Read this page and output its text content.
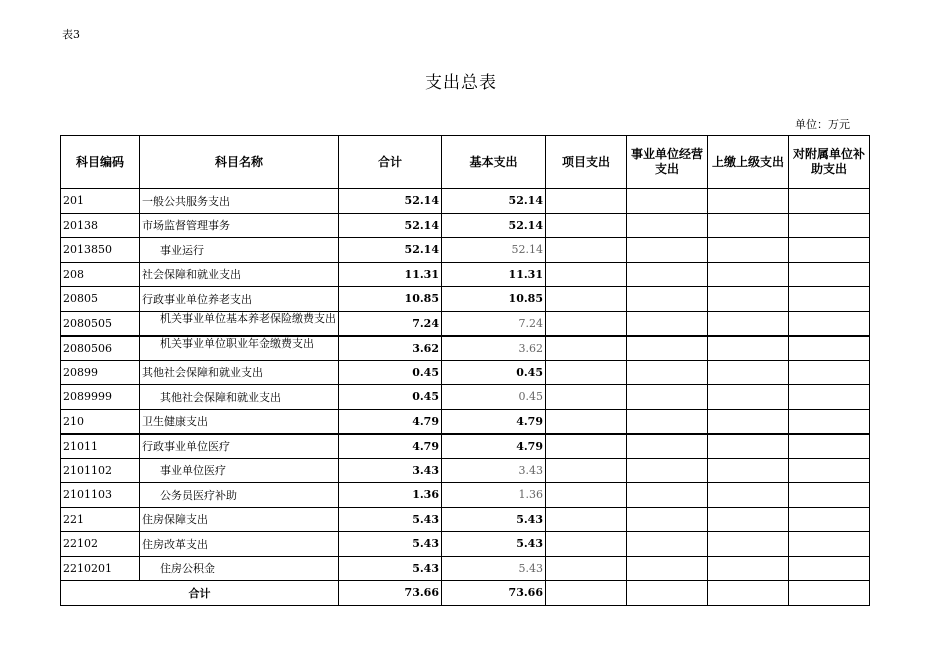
表3
支出总表
单位：万元
科目编码	科目名称	合计	基本支出	项目支出	事业单位经营支出	上缴上级支出	对附属单位补助支出
201	一般公共服务支出	52.14	52.14				
20138	市场监督管理事务	52.14	52.14				
2013850	事业运行	52.14	52.14				
208	社会保障和就业支出	11.31	11.31				
20805	行政事业单位养老支出	10.85	10.85				
2080505	机关事业单位基本养老保险缴费支出	7.24	7.24				
2080506	机关事业单位职业年金缴费支出	3.62	3.62				
20899	其他社会保障和就业支出	0.45	0.45				
2089999	其他社会保障和就业支出	0.45	0.45				
210	卫生健康支出	4.79	4.79				
21011	行政事业单位医疗	4.79	4.79				
2101102	事业单位医疗	3.43	3.43				
2101103	公务员医疗补助	1.36	1.36				
221	住房保障支出	5.43	5.43				
22102	住房改革支出	5.43	5.43				
2210201	住房公积金	5.43	5.43				
合计		73.66	73.66				
